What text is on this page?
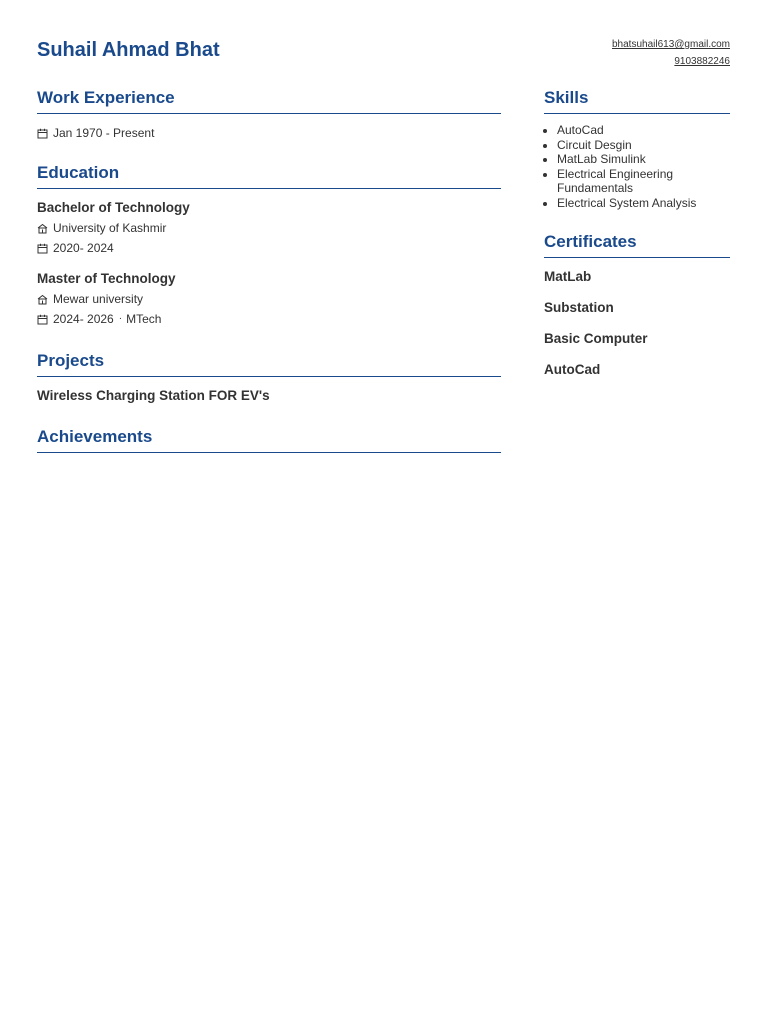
Suhail Ahmad Bhat	bhatsuhail613@gmail.com
9103882246
Work Experience
Jan 1970 - Present
Education
Bachelor of Technology
University of Kashmir
2020- 2024
Master of Technology
Mewar university
2024- 2026 · MTech
Projects
Wireless Charging Station FOR EV's
Achievements
Skills
• AutoCad
• Circuit Desgin
• MatLab Simulink
• Electrical Engineering Fundamentals
• Electrical System Analysis
Certificates
MatLab
Substation
Basic Computer
AutoCad
